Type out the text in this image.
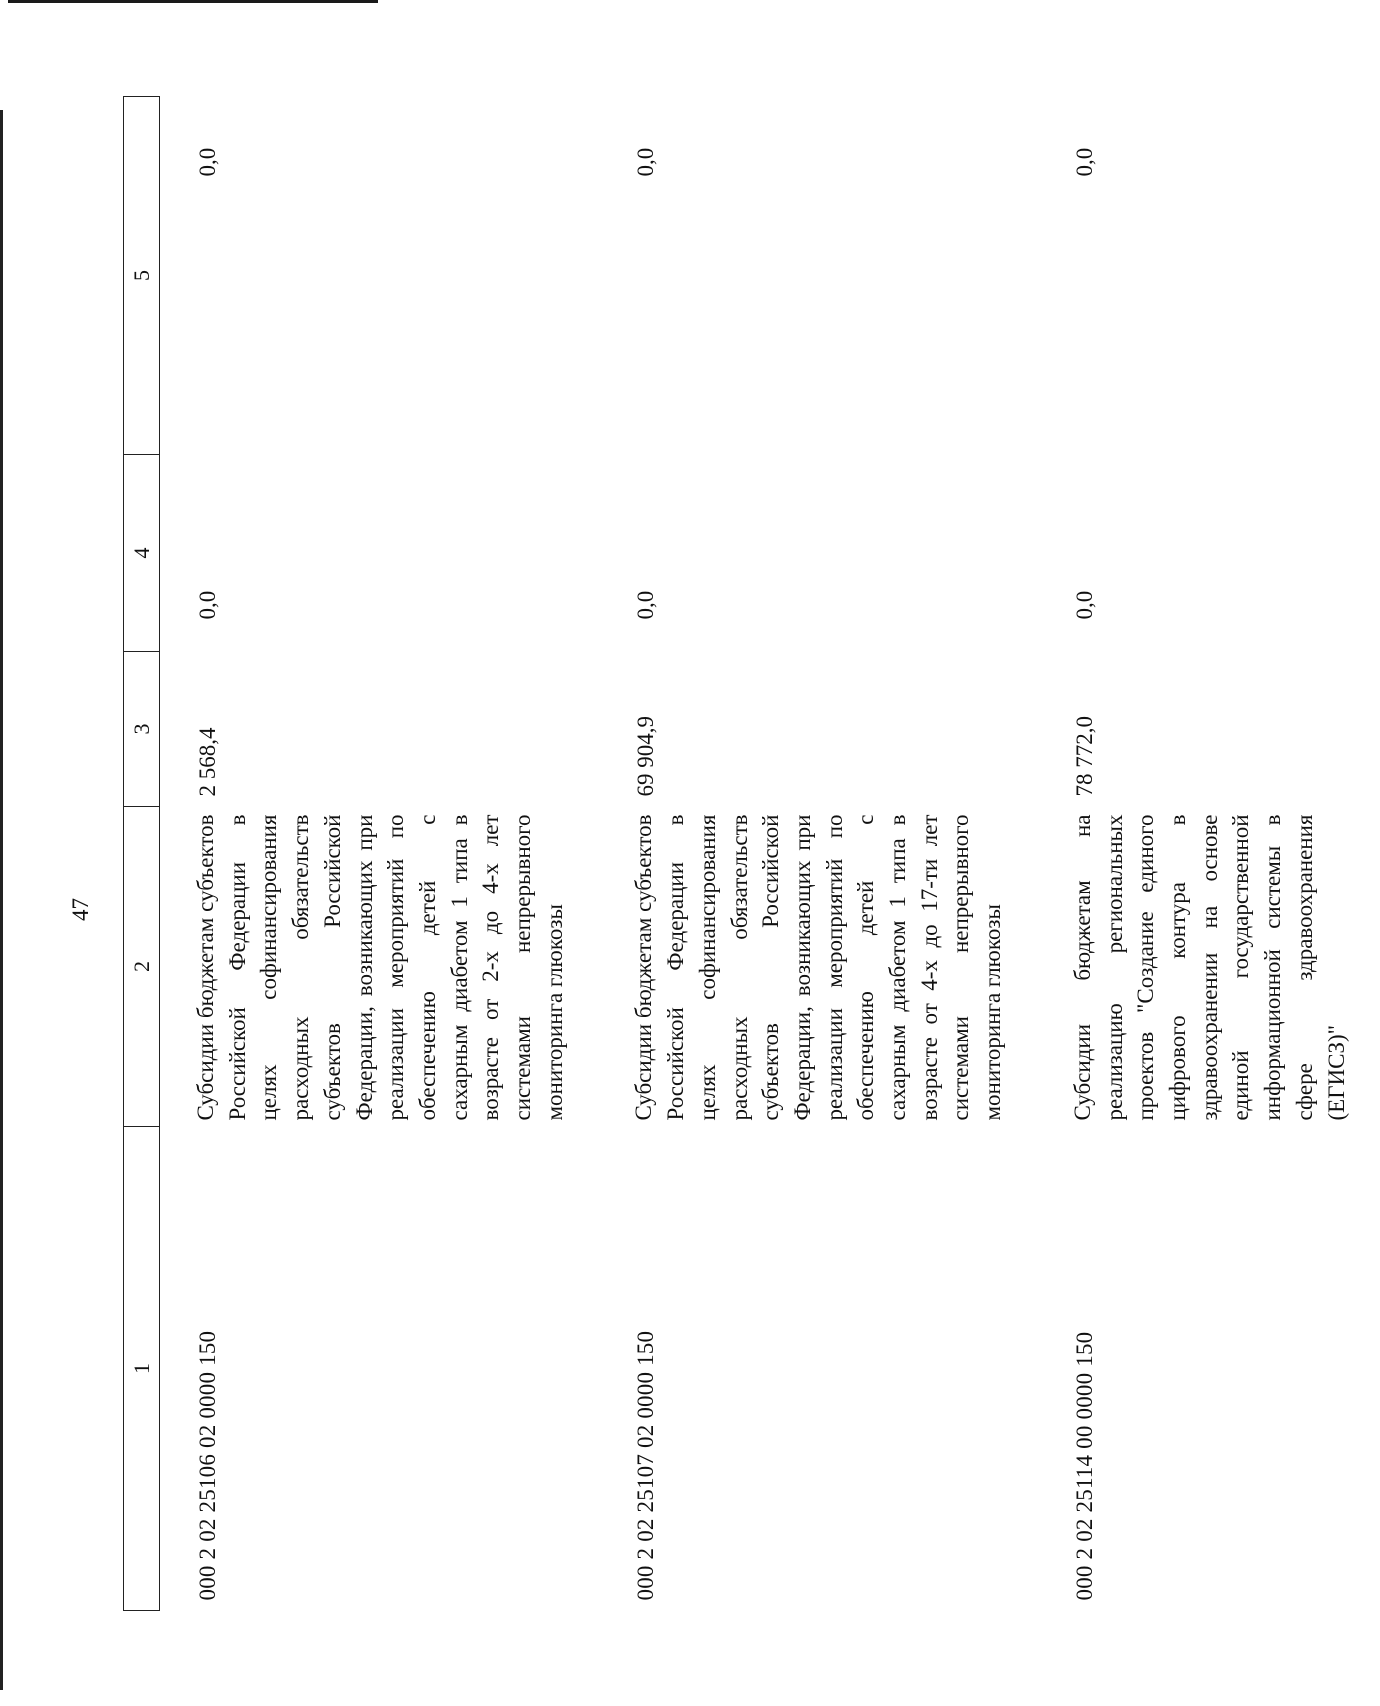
47
1	2	3	4	5
000 2 02 25106 02 0000 150	Субсидии бюджетам субъектов Российской Федерации в целях софинансирования расходных обязательств субъектов Российской Федерации, возникающих при реализации мероприятий по обеспечению детей с сахарным диабетом 1 типа в возрасте от 2-х до 4-х лет системами непрерывного мониторинга глюкозы	2 568,4	0,0	0,0
000 2 02 25107 02 0000 150	Субсидии бюджетам субъектов Российской Федерации в целях софинансирования расходных обязательств субъектов Российской Федерации, возникающих при реализации мероприятий по обеспечению детей с сахарным диабетом 1 типа в возрасте от 4-х до 17-ти лет системами непрерывного мониторинга глюкозы	69 904,9	0,0	0,0
000 2 02 25114 00 0000 150	Субсидии бюджетам на реализацию региональных проектов "Создание единого цифрового контура в здравоохранении на основе единой государственной информационной системы в сфере здравоохранения (ЕГИСЗ)"	78 772,0	0,0	0,0
